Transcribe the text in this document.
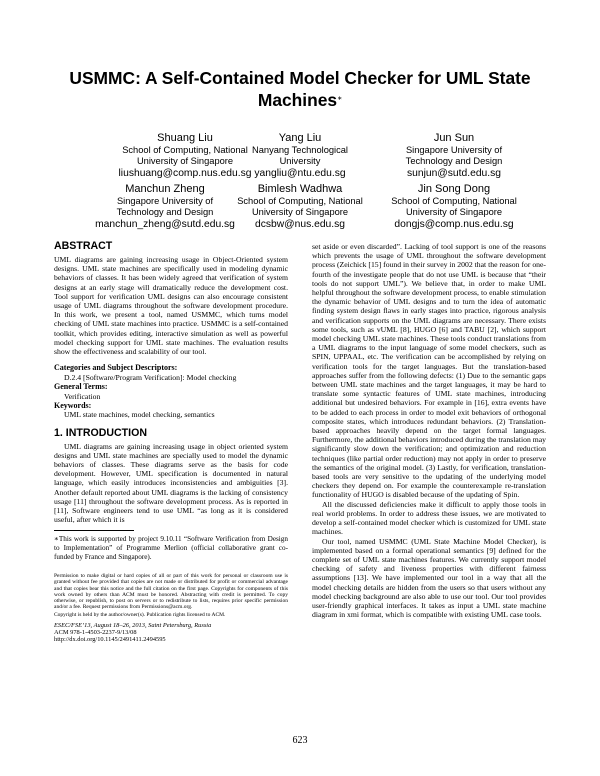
USMMC: A Self-Contained Model Checker for UML State Machines∗
Shuang Liu
School of Computing, National
University of Singapore
liushuang@comp.nus.edu.sg
Yang Liu
Nanyang Technological
University
yangliu@ntu.edu.sg
Jun Sun
Singapore University of
Technology and Design
sunjun@sutd.edu.sg
Manchun Zheng
Singapore University of
Technology and Design
manchun_zheng@sutd.edu.sg
Bimlesh Wadhwa
School of Computing, National
University of Singapore
dcsbw@nus.edu.sg
Jin Song Dong
School of Computing, National
University of Singapore
dongjs@comp.nus.edu.sg
ABSTRACT

UML diagrams are gaining increasing usage in Object-Oriented system designs. UML state machines are specifically used in modeling dynamic behaviors of classes. It has been widely agreed that verification of system designs at an early stage will dramatically reduce the development cost. Tool support for verification UML designs can also encourage consistent usage of UML diagrams throughout the software development procedure. In this work, we present a tool, named USMMC, which turns model checking of UML state machines into practice. USMMC is a self-contained toolkit, which provides editing, interactive simulation as well as powerful model checking support for UML state machines. The evaluation results show the effectiveness and scalability of our tool.

Categories and Subject Descriptors:
D.2.4 [Software/Program Verification]: Model checking
General Terms:
Verification
Keywords:
UML state machines, model checking, semantics
1. INTRODUCTION

UML diagrams are gaining increasing usage in object oriented system designs and UML state machines are specially used to model the dynamic behaviors of classes. These diagrams serve as the basis for code development. However, UML specification is documented in natural language, which easily introduces inconsistencies and ambiguities [3]. Another default reported about UML diagrams is the lacking of consistency usage [11] throughout the software development process. As is reported in [11], Software engineers tend to use UML “as long as it is considered useful, after which it is

∗This work is supported by project 9.10.11 “Software Verification from Design to Implementation” of Programme Merlion (official collaborative grant co-funded by France and Singapore).

Permission to make digital or hard copies of all or part of this work for personal or classroom use is granted without fee provided that copies are not made or distributed for profit or commercial advantage and that copies bear this notice and the full citation on the first page. Copyrights for components of this work owned by others than ACM must be honored. Abstracting with credit is permitted. To copy otherwise, or republish, to post on servers or to redistribute to lists, requires prior specific permission and/or a fee. Request permissions from Permissions@acm.org.

Copyright is held by the author/owner(s). Publication rights licensed to ACM.

ESEC/FSE’13, August 18–26, 2013, Saint Petersburg, Russia
ACM 978-1-4503-2237-9/13/08
http://dx.doi.org/10.1145/2491411.2494595

set aside or even discarded”. Lacking of tool support is one of the reasons which prevents the usage of UML throughout the software development process (Zeichick [15] found in their survey in 2002 that the reason for one-fourth of the investigate people that do not use UML is because that “their tools do not support UML”). We believe that, in order to make UML helpful throughout the software development process, to enable stimulation the dynamic behavior of UML designs and to turn the idea of automatic finding system design flaws in early stages into practice, rigorous analysis and verification supports on the UML diagrams are necessary. There exists some tools, such as vUML [8], HUGO [6] and TABU [2], which support model checking UML state machines. These tools conduct translations from a UML diagrams to the input language of some model checkers, such as SPIN, UPPAAL, etc. The verification can be accomplished by relying on verification tools for the target languages. But the translation-based approaches suffer from the following defects: (1) Due to the semantic gaps between UML state machines and the target languages, it may be hard to translate some syntactic features of UML state machines, introducing additional but undesired behaviors. For example in [16], extra events have to be added to each process in order to model exit behaviors of orthogonal composite states, which introduces redundant behaviors. (2) Translation-based approaches heavily depend on the target formal languages. Furthermore, the additional behaviors introduced during the translation may significantly slow down the verification; and optimization and reduction techniques (like partial order reduction) may not apply in order to preserve the semantics of the original model. (3) Lastly, for verification, translation-based tools are very sensitive to the updating of the underlying model checkers they depend on. For example the counterexample re-translation functionality of HUGO is disabled because of the updating of Spin.

All the discussed deficiencies make it difficult to apply those tools in real world problems. In order to address these issues, we are motivated to develop a self-contained model checker which is customized for UML state machines.

Our tool, named USMMC (UML State Machine Model Checker), is implemented based on a formal operational semantics [9] defined for the complete set of UML state machines features. We currently support model checking of safety and liveness properties with different fairness assumptions [13]. We have implemented our tool in a way that all the model checking details are hidden from the users so that users without any model checking background are also able to use our tool. Our tool provides user-friendly graphical interfaces. It takes as input a UML state machine diagram in xmi format, which is compatible with existing UML case tools.

623
